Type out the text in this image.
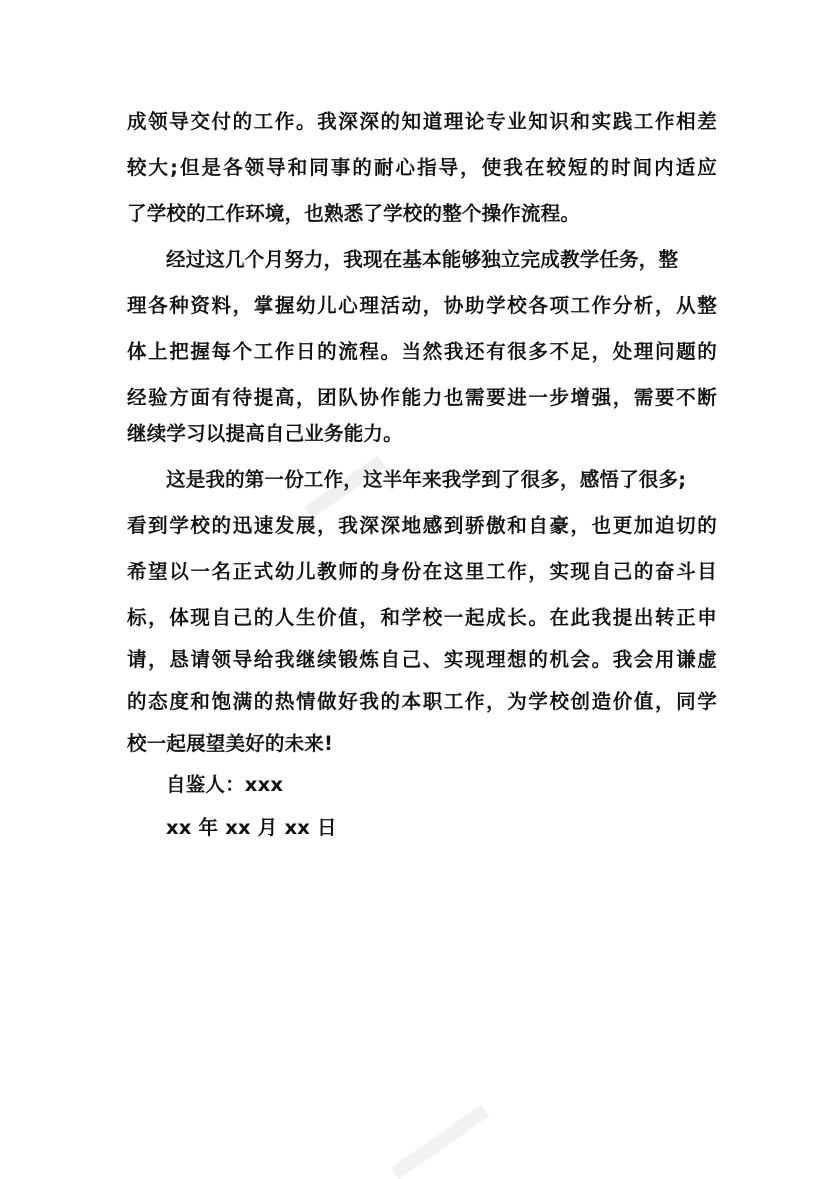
成领导交付的工作。我深深的知道理论专业知识和实践工作相差
较大;但是各领导和同事的耐心指导，使我在较短的时间内适应
了学校的工作环境，也熟悉了学校的整个操作流程。
经过这几个月努力，我现在基本能够独立完成教学任务，整
理各种资料，掌握幼儿心理活动，协助学校各项工作分析，从整
体上把握每个工作日的流程。当然我还有很多不足，处理问题的
经验方面有待提高，团队协作能力也需要进一步增强，需要不断
继续学习以提高自己业务能力。
这是我的第一份工作，这半年来我学到了很多，感悟了很多;
看到学校的迅速发展，我深深地感到骄傲和自豪，也更加迫切的
希望以一名正式幼儿教师的身份在这里工作，实现自己的奋斗目
标，体现自己的人生价值，和学校一起成长。在此我提出转正申
请，恳请领导给我继续锻炼自己、实现理想的机会。我会用谦虚
的态度和饱满的热情做好我的本职工作，为学校创造价值，同学
校一起展望美好的未来!
自鉴人：xxx
xx 年 xx 月 xx 日
